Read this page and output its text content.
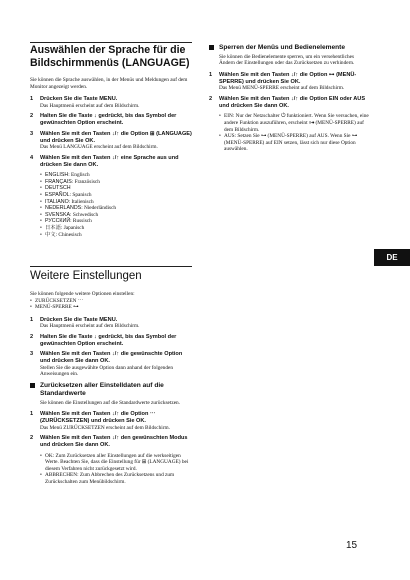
Auswählen der Sprache für die
Bildschirmmenüs (LANGUAGE)
Sie können die Sprache auswählen, in der Menüs und Meldungen auf dem Monitor angezeigt werden.
1 Drücken Sie die Taste MENU.
Das Hauptmenü erscheint auf dem Bildschirm.
2 Halten Sie die Taste ↓ gedrückt, bis das Symbol der gewünschten Option erscheint.
3 Wählen Sie mit den Tasten ↓/↑ die Option ⊞ (LANGUAGE) und drücken Sie OK.
Das Menü LANGUAGE erscheint auf dem Bildschirm.
4 Wählen Sie mit den Tasten ↓/↑ eine Sprache aus und drücken Sie dann OK.
• ENGLISH: Englisch
• FRANÇAIS: Französisch
• DEUTSCH
• ESPAÑOL: Spanisch
• ITALIANO: Italienisch
• NEDERLANDS: Niederländisch
• SVENSKA: Schwedisch
• РУССКИЙ: Russisch
• 日本語: Japanisch
• 中文: Chinesisch
Weitere Einstellungen
Sie können folgende weitere Optionen einstellen:
• ZURÜCKSETZEN ⋯
• MENÜ-SPERRE ⊶
1 Drücken Sie die Taste MENU.
Das Hauptmenü erscheint auf dem Bildschirm.
2 Halten Sie die Taste ↓ gedrückt, bis das Symbol der gewünschten Option erscheint.
3 Wählen Sie mit den Tasten ↓/↑ die gewünschte Option und drücken Sie dann OK.
Stellen Sie die ausgewählte Option dann anhand der folgenden Anweisungen ein.
Zurücksetzen aller Einstelldaten auf die
Standardwerte
Sie können die Einstellungen auf die Standardwerte zurücksetzen.
1 Wählen Sie mit den Tasten ↓/↑ die Option ⋯ (ZURÜCKSETZEN) und drücken Sie OK.
Das Menü ZURÜCKSETZEN erscheint auf dem Bildschirm.
2 Wählen Sie mit den Tasten ↓/↑ den gewünschten Modus und drücken Sie dann OK.
• OK: Zum Zurücksetzen aller Einstellungen auf die werkseitigen Werte. Beachten Sie, dass die Einstellung für ⊞ (LANGUAGE) bei diesem Verfahren nicht zurückgesetzt wird.
• ABBRECHEN: Zum Abbrechen des Zurücksetzens und zum Zurückschalten zum Menübildschirm.
Sperren der Menüs und Bedienelemente
Sie können die Bedienelemente sperren, um ein versehentliches Ändern der Einstellungen oder das Zurücksetzen zu verhindern.
1 Wählen Sie mit den Tasten ↓/↑ die Option ⊶ (MENÜ-SPERRE) und drücken Sie OK.
Das Menü MENÜ-SPERRE erscheint auf dem Bildschirm.
2 Wählen Sie mit den Tasten ↓/↑ die Option EIN oder AUS und drücken Sie dann OK.
• EIN: Nur der Netzschalter ⏻ funktioniert. Wenn Sie versuchen, eine andere Funktion auszuführen, erscheint ⊶ (MENÜ-SPERRE) auf dem Bildschirm.
• AUS: Setzen Sie ⊶ (MENÜ-SPERRE) auf AUS. Wenn Sie ⊶ (MENÜ-SPERRE) auf EIN setzen, lässt sich nur diese Option auswählen.
DE
15
